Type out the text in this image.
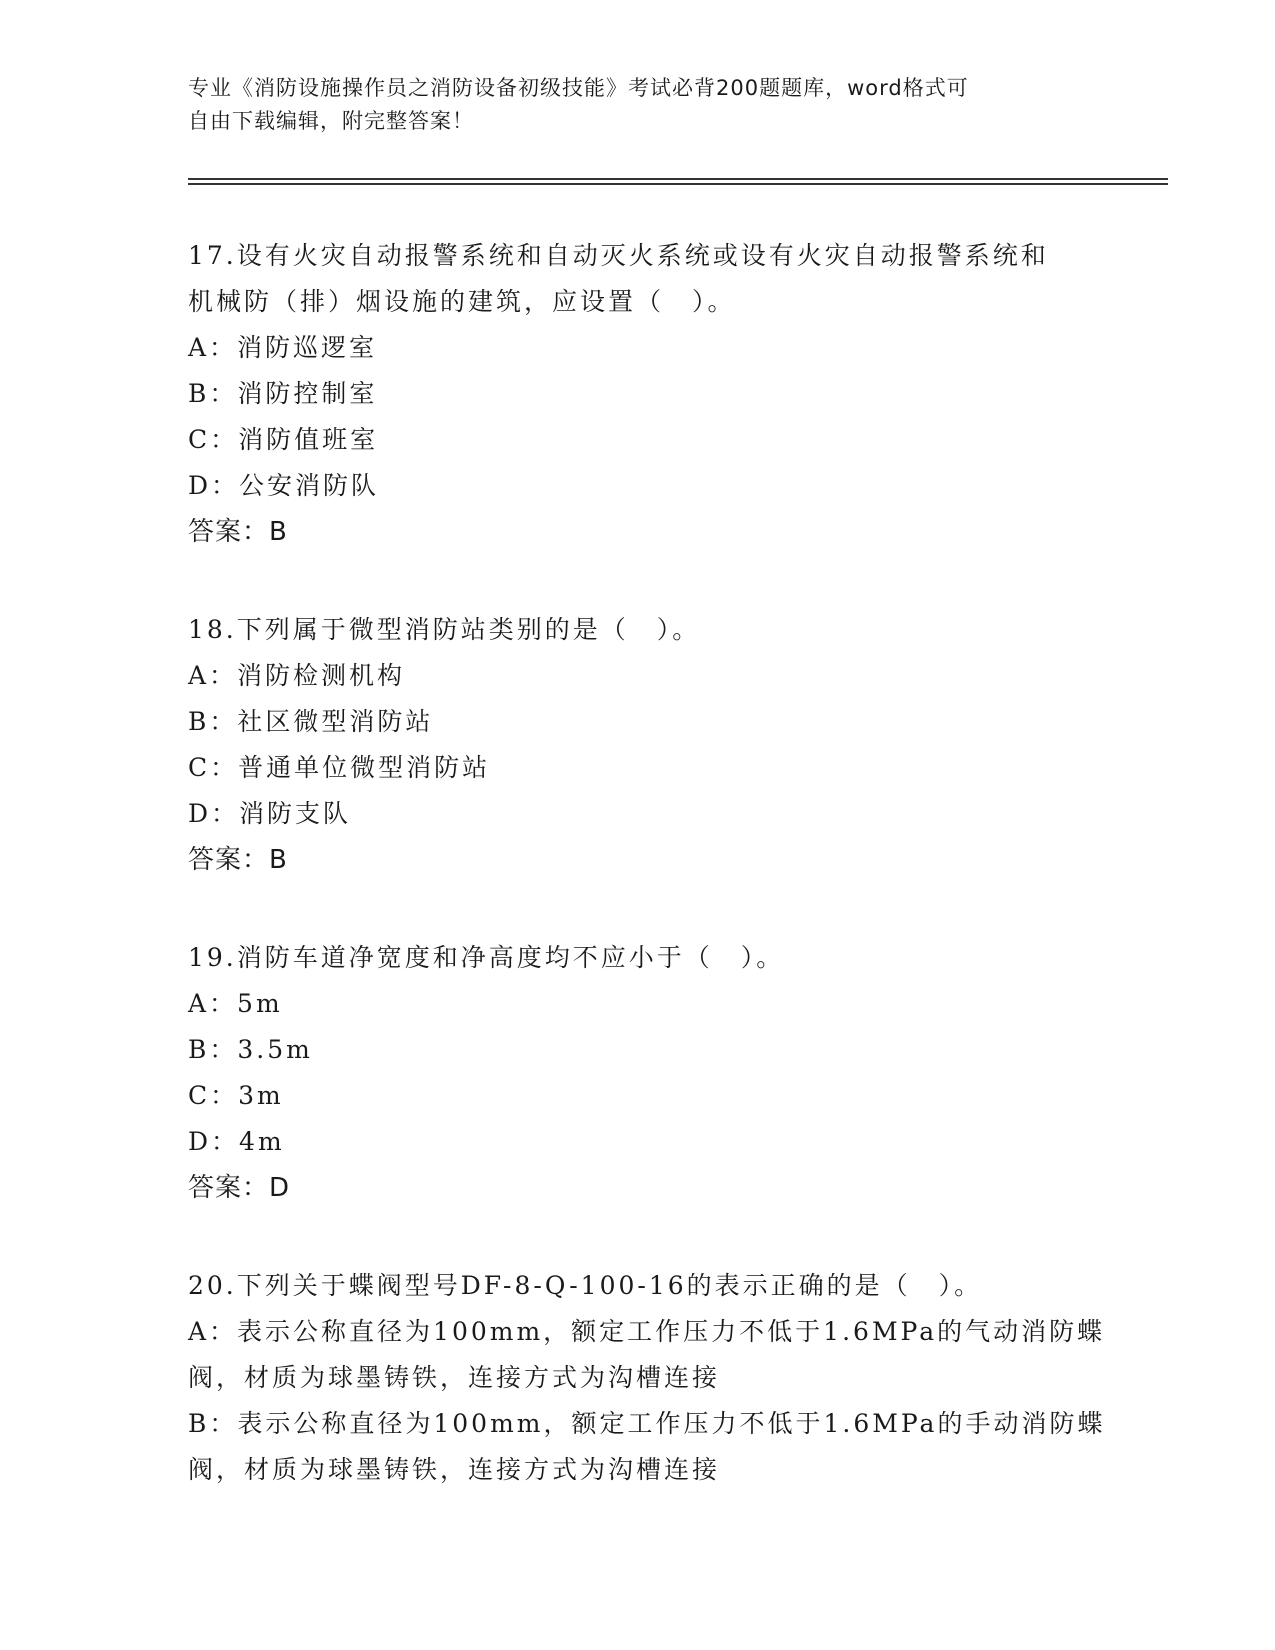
专业《消防设施操作员之消防设备初级技能》考试必背200题题库，word格式可
自由下载编辑，附完整答案！
17.设有火灾自动报警系统和自动灭火系统或设有火灾自动报警系统和
机械防（排）烟设施的建筑，应设置（　）。
A：消防巡逻室
B：消防控制室
C：消防值班室
D：公安消防队
答案：B
18.下列属于微型消防站类别的是（　）。
A：消防检测机构
B：社区微型消防站
C：普通单位微型消防站
D：消防支队
答案：B
19.消防车道净宽度和净高度均不应小于（　）。
A：5m
B：3.5m
C：3m
D：4m
答案：D
20.下列关于蝶阀型号DF-8-Q-100-16的表示正确的是（　）。
A：表示公称直径为100mm，额定工作压力不低于1.6MPa的气动消防蝶
阀，材质为球墨铸铁，连接方式为沟槽连接
B：表示公称直径为100mm，额定工作压力不低于1.6MPa的手动消防蝶
阀，材质为球墨铸铁，连接方式为沟槽连接
